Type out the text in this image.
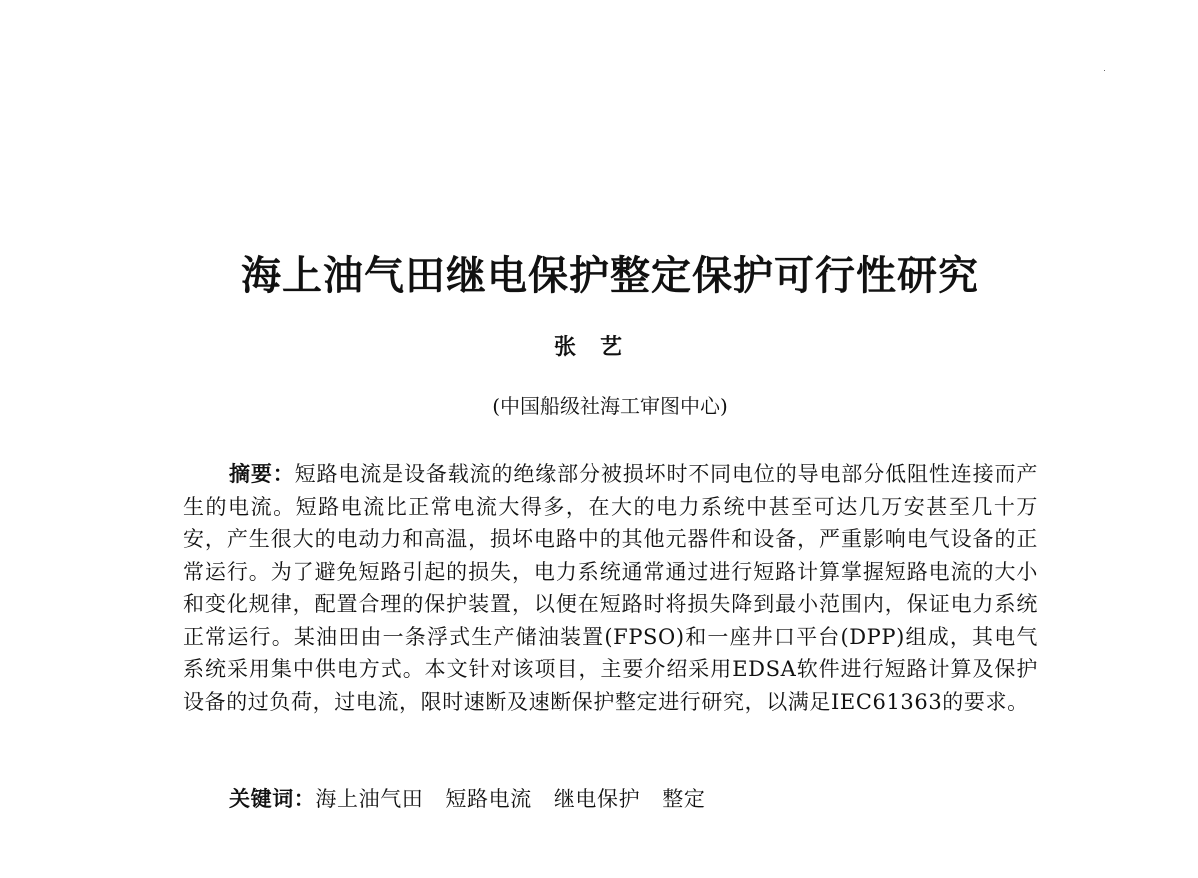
海上油气田继电保护整定保护可行性研究
张艺
(中国船级社海工审图中心)
摘要：短路电流是设备载流的绝缘部分被损坏时不同电位的导电部分低阻性连接而产生的电流。短路电流比正常电流大得多，在大的电力系统中甚至可达几万安甚至几十万安，产生很大的电动力和高温，损坏电路中的其他元器件和设备，严重影响电气设备的正常运行。为了避免短路引起的损失，电力系统通常通过进行短路计算掌握短路电流的大小和变化规律，配置合理的保护装置，以便在短路时将损失降到最小范围内，保证电力系统正常运行。某油田由一条浮式生产储油装置(FPSO)和一座井口平台(DPP)组成，其电气系统采用集中供电方式。本文针对该项目，主要介绍采用EDSA软件进行短路计算及保护设备的过负荷，过电流，限时速断及速断保护整定进行研究，以满足IEC61363的要求。
关键词：海上油气田 短路电流 继电保护 整定
